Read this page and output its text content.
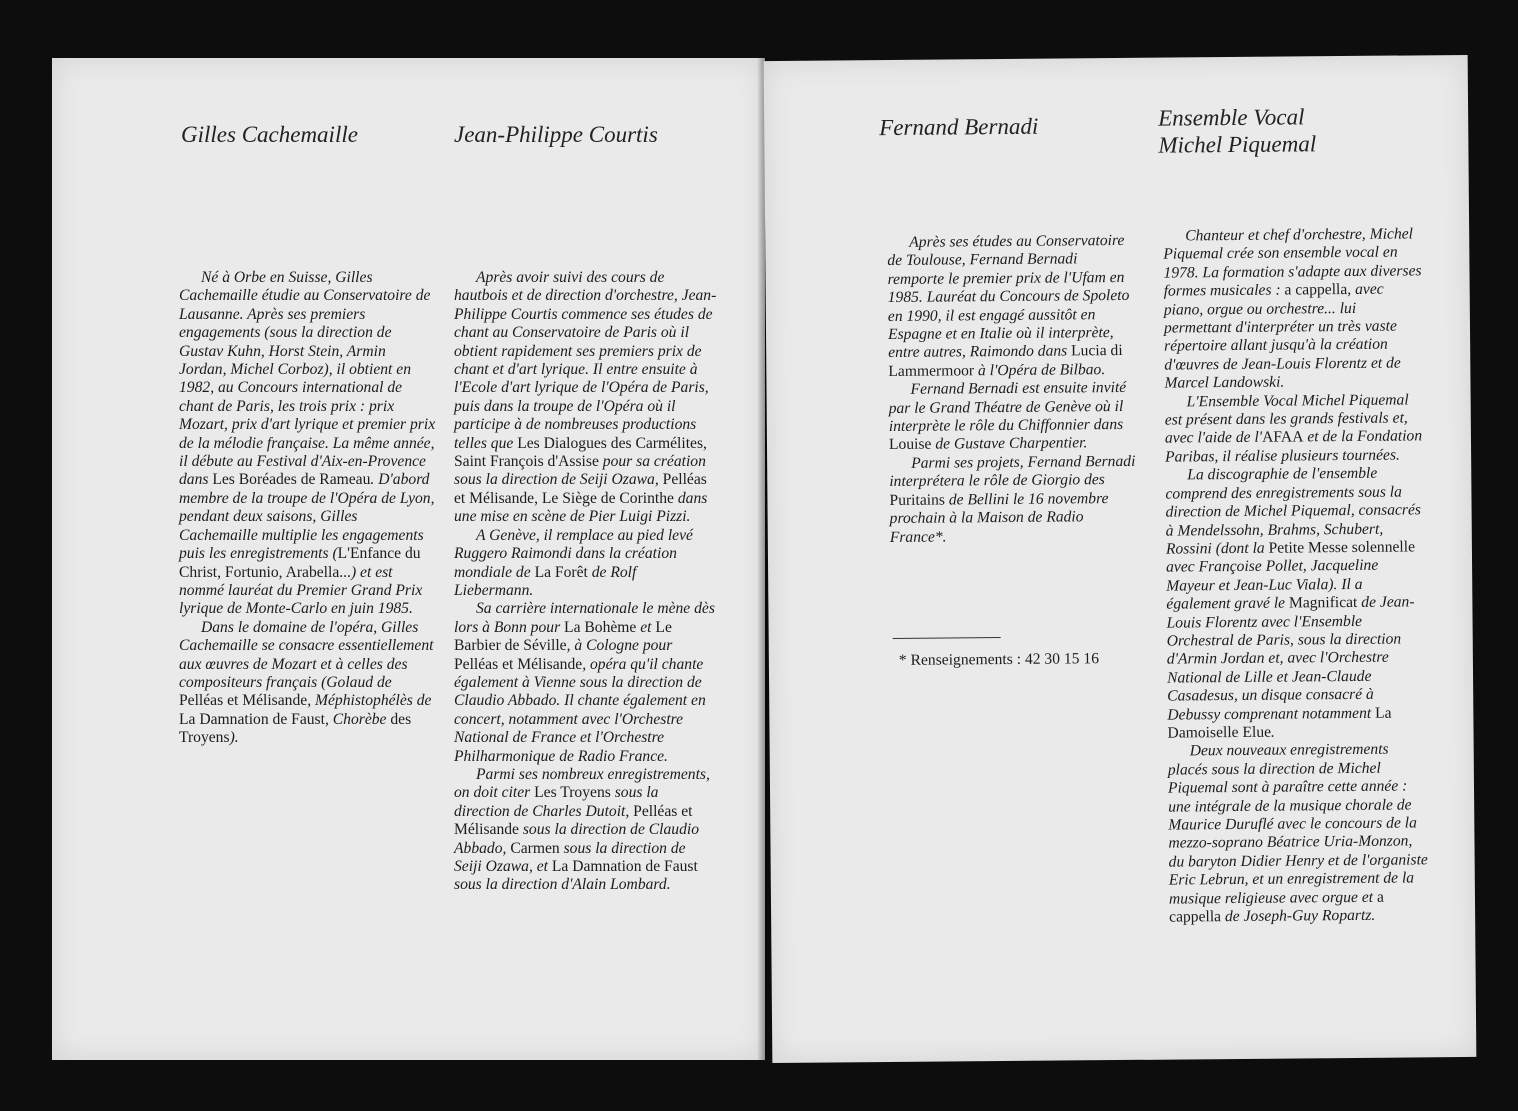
Gilles Cachemaille	Jean-Philippe Courtis

Né à Orbe en Suisse, Gilles Cachemaille étudie au Conservatoire de Lausanne. Après ses premiers engagements (sous la direction de Gustav Kuhn, Horst Stein, Armin Jordan, Michel Corboz), il obtient en 1982, au Concours international de chant de Paris, les trois prix : prix Mozart, prix d'art lyrique et premier prix de la mélodie française. La même année, il débute au Festival d'Aix-en-Provence dans Les Boréades de Rameau. D'abord membre de la troupe de l'Opéra de Lyon, pendant deux saisons, Gilles Cachemaille multiplie les engagements puis les enregistrements (L'Enfance du Christ, Fortunio, Arabella...) et est nommé lauréat du Premier Grand Prix lyrique de Monte-Carlo en juin 1985.

Dans le domaine de l'opéra, Gilles Cachemaille se consacre essentiellement aux œuvres de Mozart et à celles des compositeurs français (Golaud de Pelléas et Mélisande, Méphistophélès de La Damnation de Faust, Chorèbe des Troyens).

Après avoir suivi des cours de hautbois et de direction d'orchestre, Jean-Philippe Courtis commence ses études de chant au Conservatoire de Paris où il obtient rapidement ses premiers prix de chant et d'art lyrique. Il entre ensuite à l'Ecole d'art lyrique de l'Opéra de Paris, puis dans la troupe de l'Opéra où il participe à de nombreuses productions telles que Les Dialogues des Carmélites, Saint François d'Assise pour sa création sous la direction de Seiji Ozawa, Pelléas et Mélisande, Le Siège de Corinthe dans une mise en scène de Pier Luigi Pizzi.

A Genève, il remplace au pied levé Ruggero Raimondi dans la création mondiale de La Forêt de Rolf Liebermann.

Sa carrière internationale le mène dès lors à Bonn pour La Bohème et Le Barbier de Séville, à Cologne pour Pelléas et Mélisande, opéra qu'il chante également à Vienne sous la direction de Claudio Abbado. Il chante également en concert, notamment avec l'Orchestre National de France et l'Orchestre Philharmonique de Radio France.

Parmi ses nombreux enregistrements, on doit citer Les Troyens sous la direction de Charles Dutoit, Pelléas et Mélisande sous la direction de Claudio Abbado, Carmen sous la direction de Seiji Ozawa, et La Damnation de Faust sous la direction d'Alain Lombard.

Fernand Bernadi	Ensemble Vocal
Michel Piquemal

Après ses études au Conservatoire de Toulouse, Fernand Bernadi remporte le premier prix de l'Ufam en 1985. Lauréat du Concours de Spoleto en 1990, il est engagé aussitôt en Espagne et en Italie où il interprète, entre autres, Raimondo dans Lucia di Lammermoor à l'Opéra de Bilbao.

Fernand Bernadi est ensuite invité par le Grand Théatre de Genève où il interprète le rôle du Chiffonnier dans Louise de Gustave Charpentier.

Parmi ses projets, Fernand Bernadi interprétera le rôle de Giorgio des Puritains de Bellini le 16 novembre prochain à la Maison de Radio France*.

* Renseignements : 42 30 15 16

Chanteur et chef d'orchestre, Michel Piquemal crée son ensemble vocal en 1978. La formation s'adapte aux diverses formes musicales : a cappella, avec piano, orgue ou orchestre... lui permettant d'interpréter un très vaste répertoire allant jusqu'à la création d'œuvres de Jean-Louis Florentz et de Marcel Landowski.

L'Ensemble Vocal Michel Piquemal est présent dans les grands festivals et, avec l'aide de l'AFAA et de la Fondation Paribas, il réalise plusieurs tournées.

La discographie de l'ensemble comprend des enregistrements sous la direction de Michel Piquemal, consacrés à Mendelssohn, Brahms, Schubert, Rossini (dont la Petite Messe solennelle avec Françoise Pollet, Jacqueline Mayeur et Jean-Luc Viala). Il a également gravé le Magnificat de Jean-Louis Florentz avec l'Ensemble Orchestral de Paris, sous la direction d'Armin Jordan et, avec l'Orchestre National de Lille et Jean-Claude Casadesus, un disque consacré à Debussy comprenant notamment La Damoiselle Elue.

Deux nouveaux enregistrements placés sous la direction de Michel Piquemal sont à paraître cette année : une intégrale de la musique chorale de Maurice Duruflé avec le concours de la mezzo-soprano Béatrice Uria-Monzon, du baryton Didier Henry et de l'organiste Eric Lebrun, et un enregistrement de la musique religieuse avec orgue et a cappella de Joseph-Guy Ropartz.
